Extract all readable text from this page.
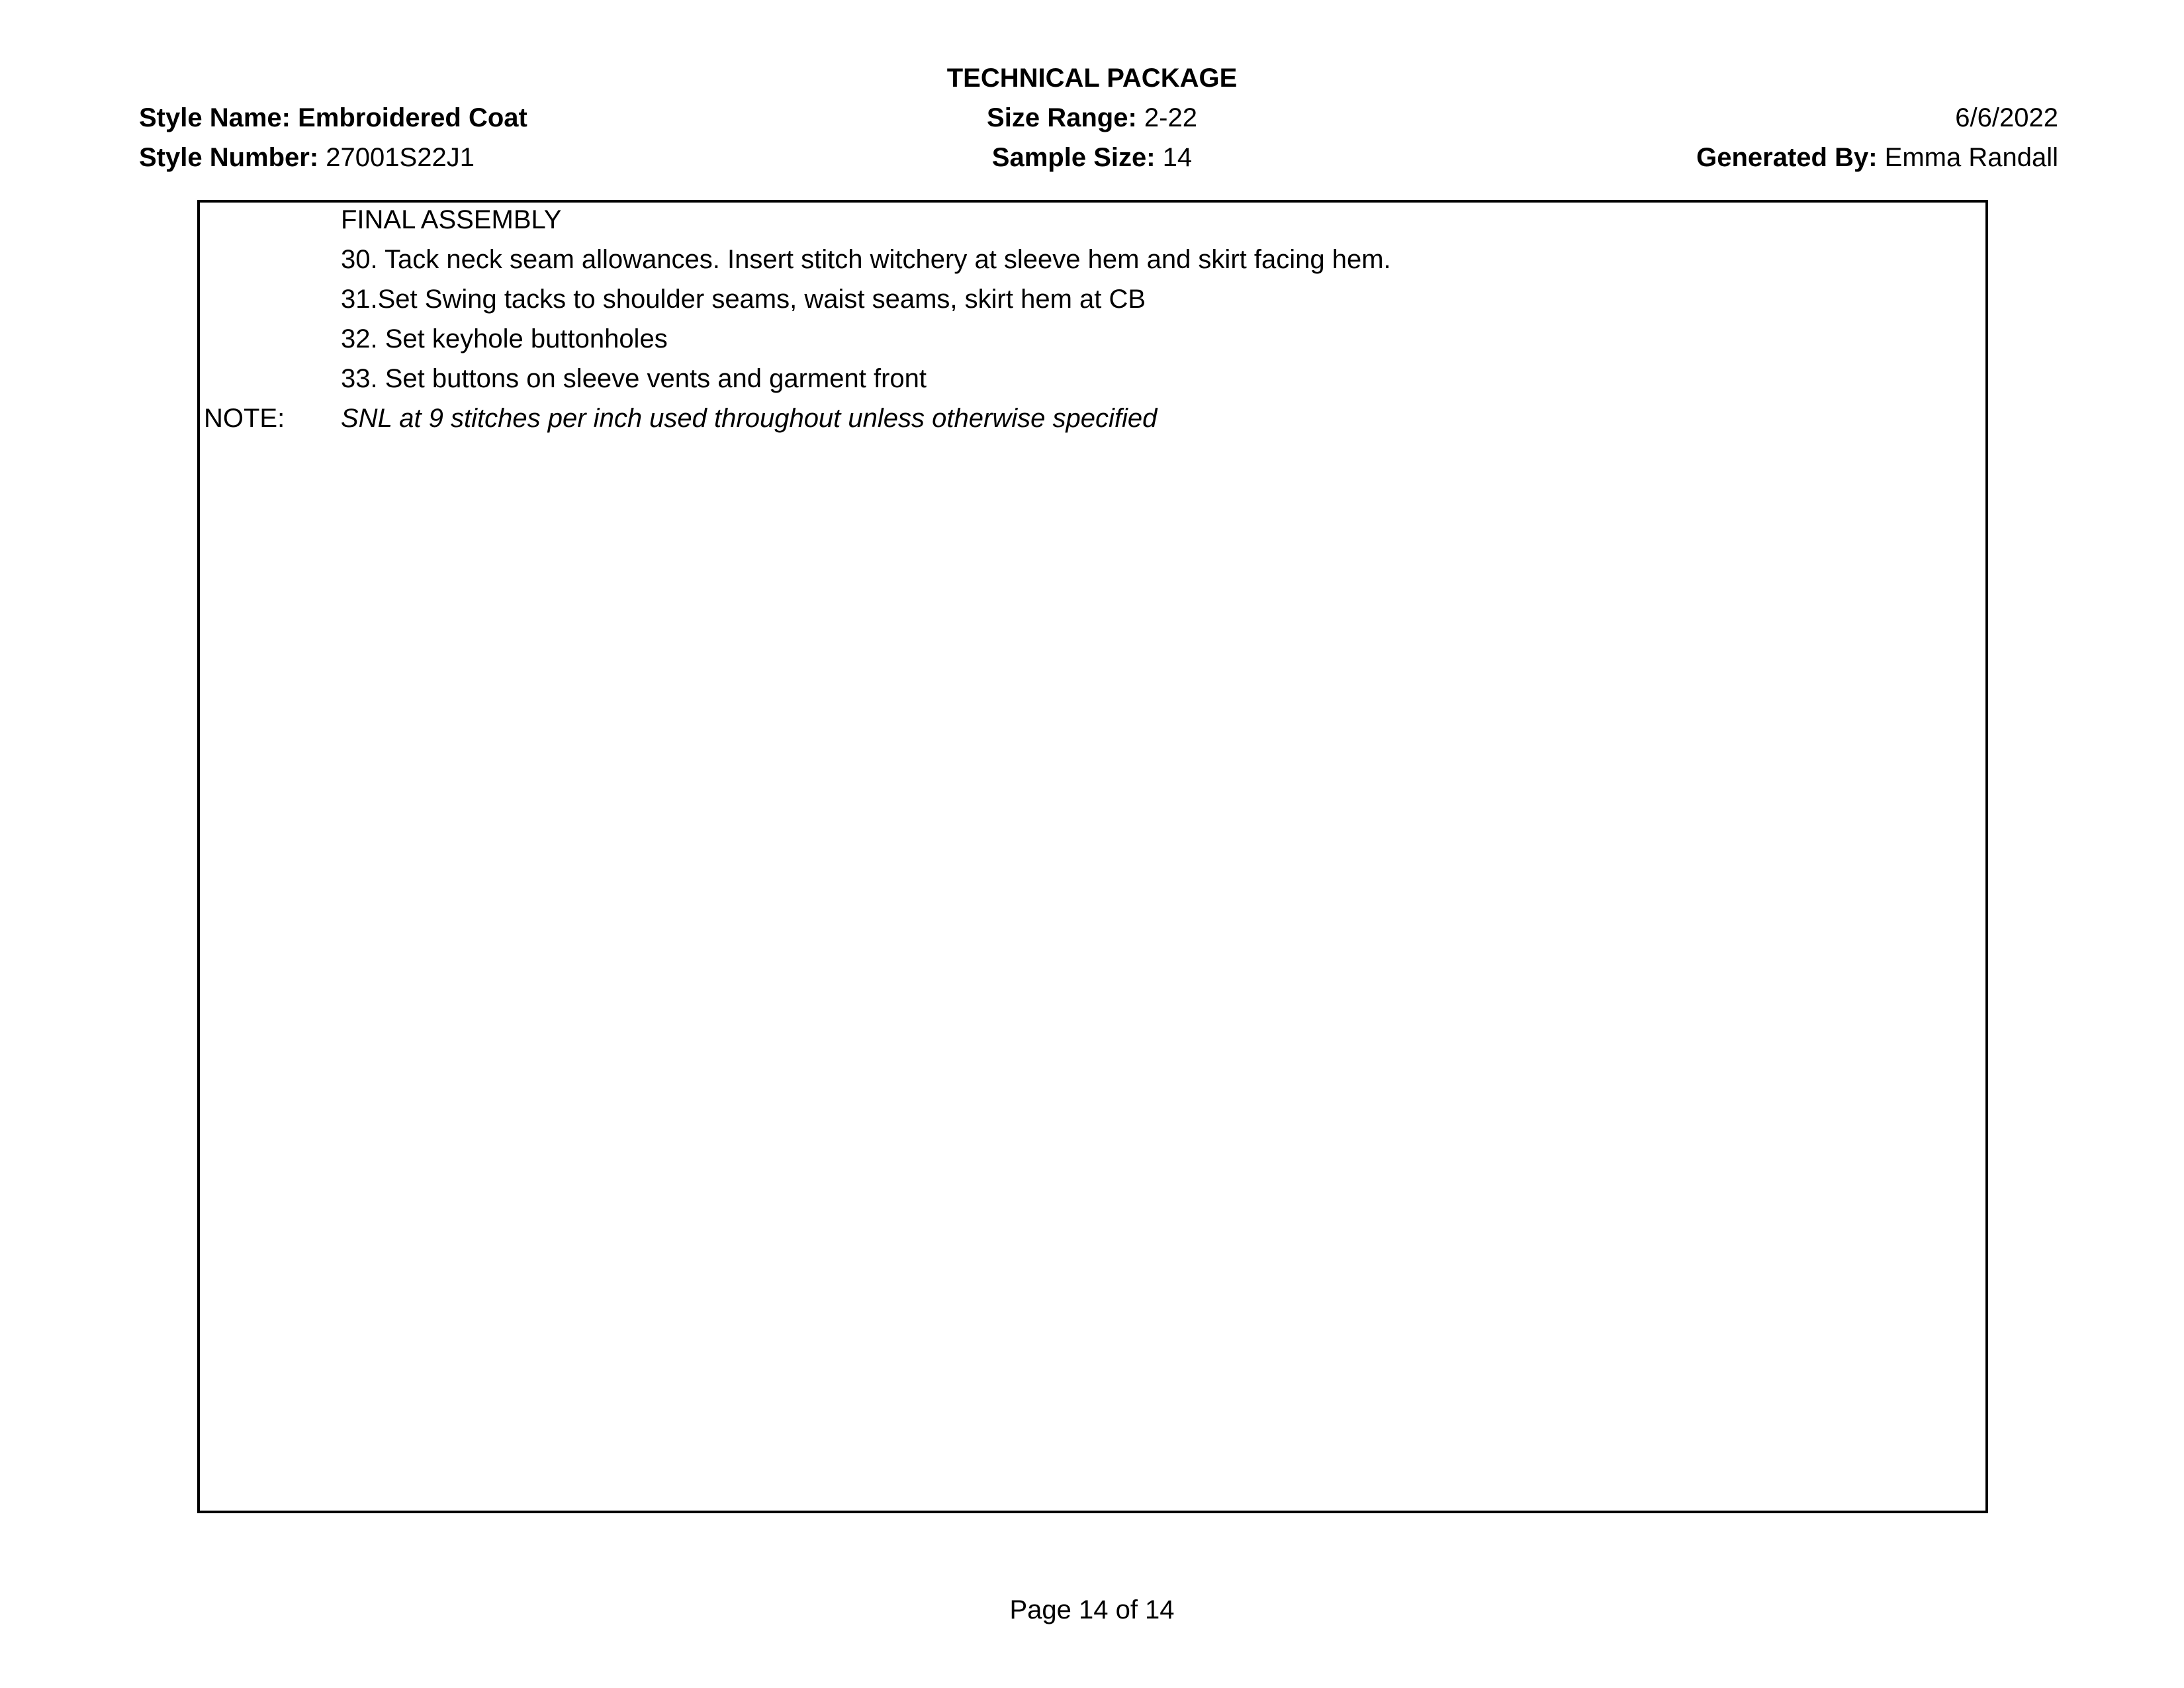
TECHNICAL PACKAGE
Style Name: Embroidered Coat
Style Number: 27001S22J1
Size Range: 2-22
Sample Size: 14
6/6/2022
Generated By: Emma Randall
FINAL ASSEMBLY
30. Tack neck seam allowances. Insert stitch witchery at sleeve hem and skirt facing hem.
31.Set Swing tacks to shoulder seams, waist seams, skirt hem at CB
32. Set keyhole buttonholes
33. Set buttons on sleeve vents and garment front
NOTE: SNL at 9 stitches per inch used throughout unless otherwise specified
Page 14 of 14
